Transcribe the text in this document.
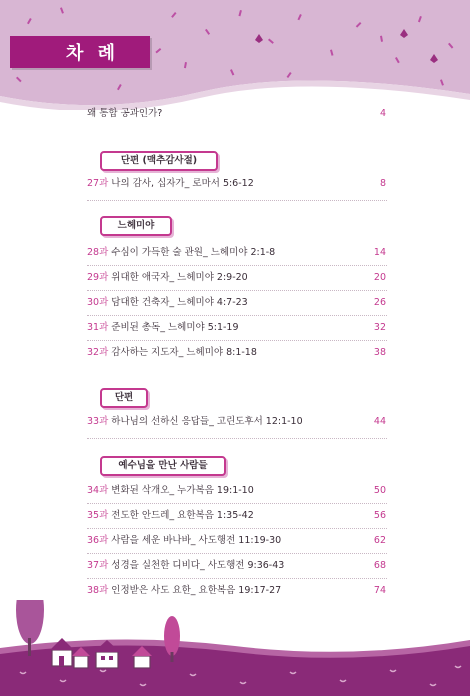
차 례
왜 통합 공과인가?	4
단편 (맥추감사절)
27과 나의 감사, 십자가_ 로마서 5:6-12	8
느헤미야
28과 수심이 가득한 술 관원_ 느헤미야 2:1-8	14
29과 위대한 애국자_ 느헤미야 2:9-20	20
30과 담대한 건축자_ 느헤미야 4:7-23	26
31과 준비된 총독_ 느헤미야 5:1-19	32
32과 감사하는 지도자_ 느헤미야 8:1-18	38
단편
33과 하나님의 선하신 응답들_ 고린도후서 12:1-10	44
예수님을 만난 사람들
34과 변화된 삭개오_ 누가복음 19:1-10	50
35과 전도한 안드레_ 요한복음 1:35-42	56
36과 사람을 세운 바나바_ 사도행전 11:19-30	62
37과 성경을 실천한 디비다_ 사도행전 9:36-43	68
38과 인정받은 사도 요한_ 요한복음 19:17-27	74
